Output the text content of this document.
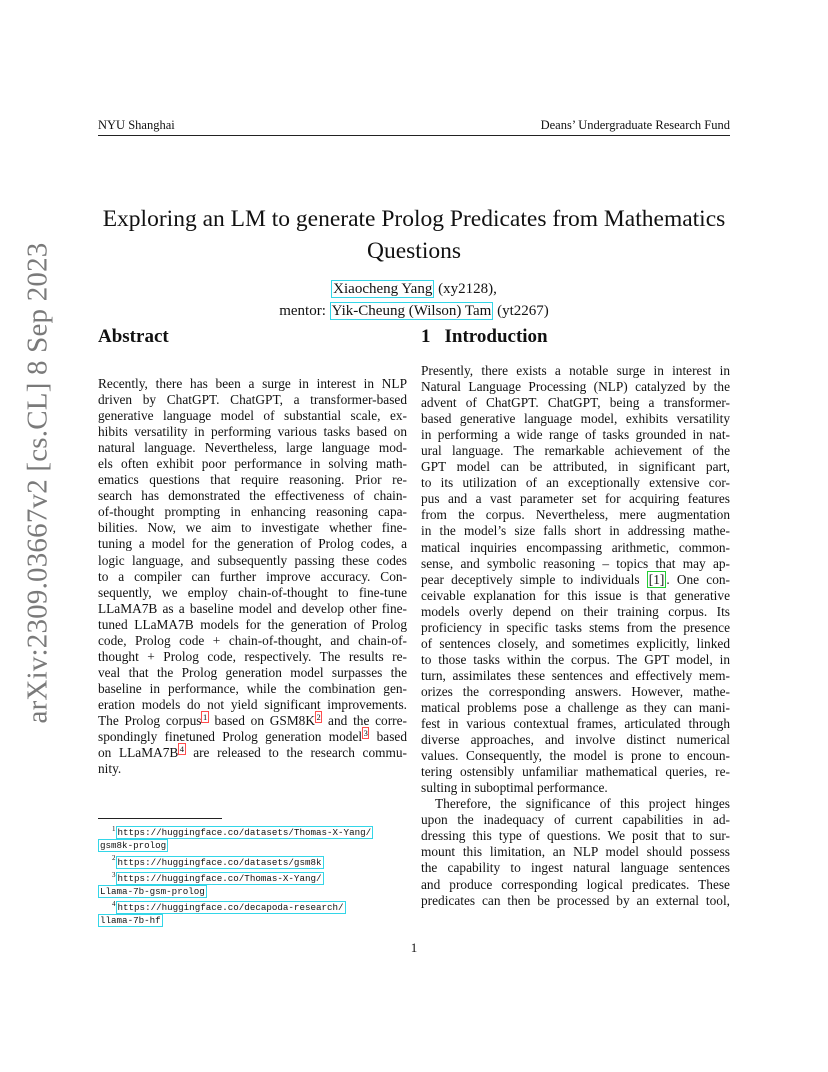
NYU Shanghai	Deans’ Undergraduate Research Fund
arXiv:2309.03667v2 [cs.CL] 8 Sep 2023
Exploring an LM to generate Prolog Predicates from Mathematics
Questions
Xiaocheng Yang (xy2128),
mentor: Yik-Cheung (Wilson) Tam (yt2267)
Abstract	1 Introduction
Recently, there has been a surge in interest in NLP
driven by ChatGPT. ChatGPT, a transformer-based
generative language model of substantial scale, ex-
hibits versatility in performing various tasks based on
natural language. Nevertheless, large language mod-
els often exhibit poor performance in solving math-
ematics questions that require reasoning. Prior re-
search has demonstrated the effectiveness of chain-
of-thought prompting in enhancing reasoning capa-
bilities. Now, we aim to investigate whether fine-
tuning a model for the generation of Prolog codes, a
logic language, and subsequently passing these codes
to a compiler can further improve accuracy. Con-
sequently, we employ chain-of-thought to fine-tune
LLaMA7B as a baseline model and develop other fine-
tuned LLaMA7B models for the generation of Prolog
code, Prolog code + chain-of-thought, and chain-of-
thought + Prolog code, respectively. The results re-
veal that the Prolog generation model surpasses the
baseline in performance, while the combination gen-
eration models do not yield significant improvements.
The Prolog corpus $^1$ based on GSM8K $^2$ and the corre-
spondingly finetuned Prolog generation model $^3$ based
on LLaMA7B $^4$ are released to the research commu-
nity.
$^1$ https://huggingface.co/datasets/Thomas-X-Yang/
gsm8k-prolog
$^2$ https://huggingface.co/datasets/gsm8k
$^3$ https://huggingface.co/Thomas-X-Yang/
Llama-7b-gsm-prolog
$^4$ https://huggingface.co/decapoda-research/
llama-7b-hf
Presently, there exists a notable surge in interest in
Natural Language Processing (NLP) catalyzed by the
advent of ChatGPT. ChatGPT, being a transformer-
based generative language model, exhibits versatility
in performing a wide range of tasks grounded in nat-
ural language. The remarkable achievement of the
GPT model can be attributed, in significant part,
to its utilization of an exceptionally extensive cor-
pus and a vast parameter set for acquiring features
from the corpus. Nevertheless, mere augmentation
in the model’s size falls short in addressing mathe-
matical inquiries encompassing arithmetic, common-
sense, and symbolic reasoning – topics that may ap-
pear deceptively simple to individuals [1] . One con-
ceivable explanation for this issue is that generative
models overly depend on their training corpus. Its
proficiency in specific tasks stems from the presence
of sentences closely, and sometimes explicitly, linked
to those tasks within the corpus. The GPT model, in
turn, assimilates these sentences and effectively mem-
orizes the corresponding answers. However, mathe-
matical problems pose a challenge as they can mani-
fest in various contextual frames, articulated through
diverse approaches, and involve distinct numerical
values. Consequently, the model is prone to encoun-
tering ostensibly unfamiliar mathematical queries, re-
sulting in suboptimal performance.
Therefore, the significance of this project hinges
upon the inadequacy of current capabilities in ad-
dressing this type of questions. We posit that to sur-
mount this limitation, an NLP model should possess
the capability to ingest natural language sentences
and produce corresponding logical predicates. These
predicates can then be processed by an external tool,
1
